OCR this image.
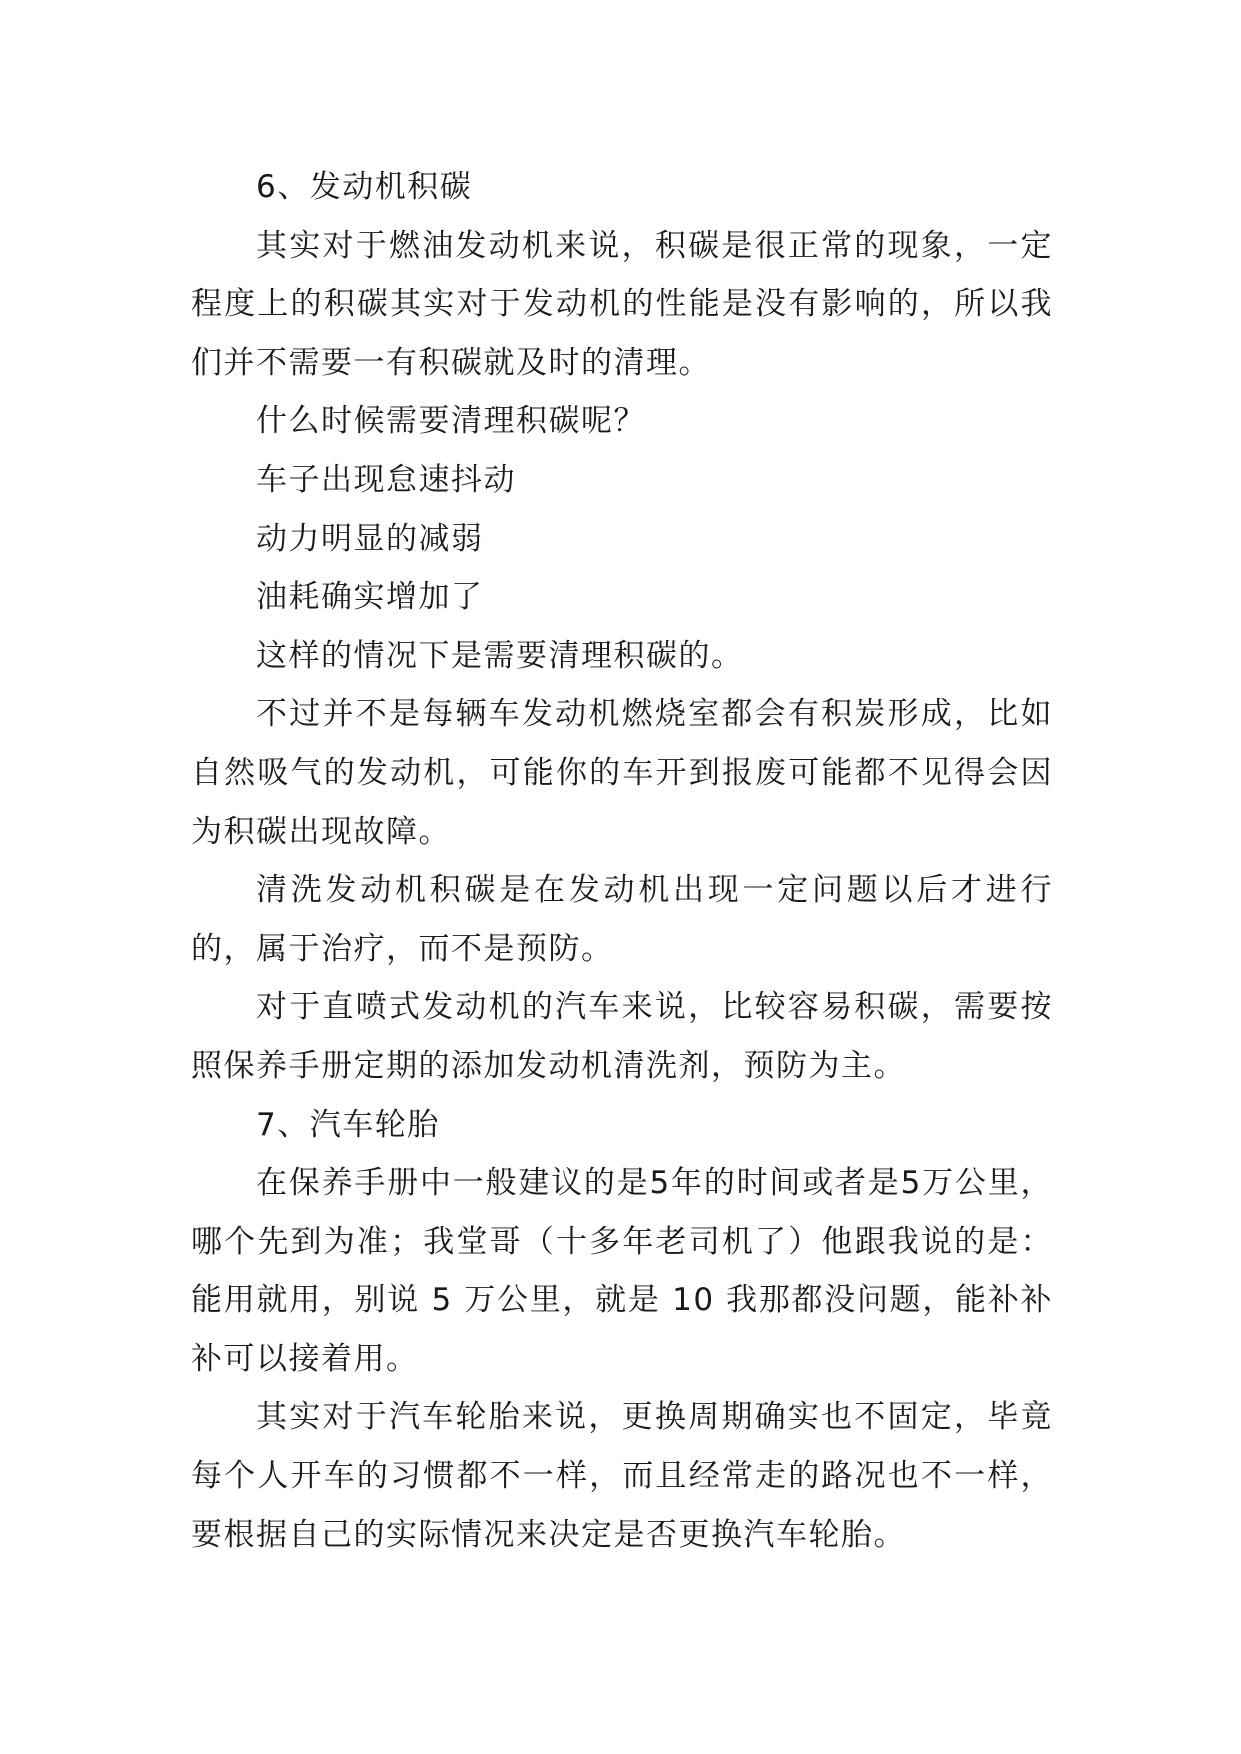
6、发动机积碳

其实对于燃油发动机来说，积碳是很正常的现象，一定程度上的积碳其实对于发动机的性能是没有影响的，所以我们并不需要一有积碳就及时的清理。

什么时候需要清理积碳呢？

车子出现怠速抖动

动力明显的减弱

油耗确实增加了

这样的情况下是需要清理积碳的。

不过并不是每辆车发动机燃烧室都会有积炭形成，比如自然吸气的发动机，可能你的车开到报废可能都不见得会因为积碳出现故障。

清洗发动机积碳是在发动机出现一定问题以后才进行的，属于治疗，而不是预防。

对于直喷式发动机的汽车来说，比较容易积碳，需要按照保养手册定期的添加发动机清洗剂，预防为主。

7、汽车轮胎

在保养手册中一般建议的是5年的时间或者是5万公里，哪个先到为准；我堂哥（十多年老司机了）他跟我说的是：能用就用，别说 5 万公里，就是 10 我那都没问题，能补补补可以接着用。

其实对于汽车轮胎来说，更换周期确实也不固定，毕竟每个人开车的习惯都不一样，而且经常走的路况也不一样，要根据自己的实际情况来决定是否更换汽车轮胎。
